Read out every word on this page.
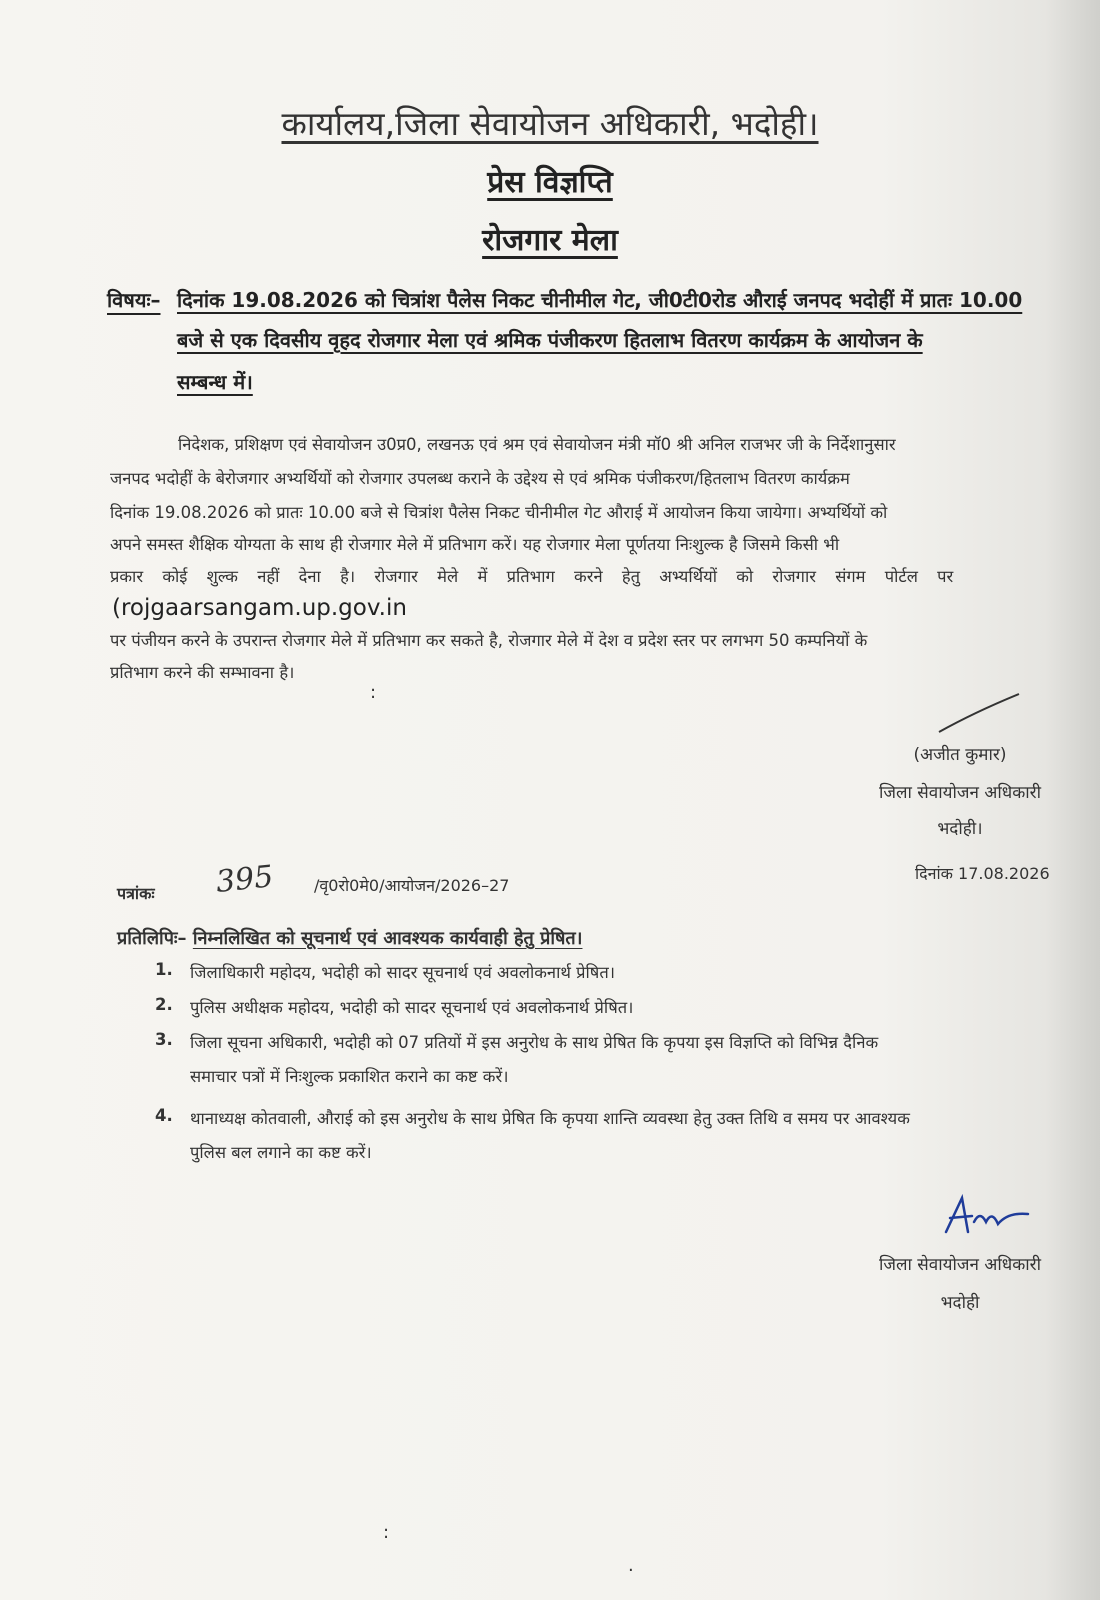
कार्यालय,जिला सेवायोजन अधिकारी, भदोही।
प्रेस विज्ञप्ति
रोजगार मेला
विषयः– दिनांक 19.08.2026 को चित्रांश पैलेस निकट चीनीमील गेट, जी0टी0रोड औराई जनपद भदोहीं में प्रातः 10.00
बजे से एक दिवसीय वृहद रोजगार मेला एवं श्रमिक पंजीकरण हितलाभ वितरण कार्यक्रम के आयोजन के
सम्बन्ध में।
निदेशक, प्रशिक्षण एवं सेवायोजन उ0प्र0, लखनऊ एवं श्रम एवं सेवायोजन मंत्री मॉ0 श्री अनिल राजभर जी के निर्देशानुसार
जनपद भदोहीं के बेरोजगार अभ्यर्थियों को रोजगार उपलब्ध कराने के उद्देश्य से एवं श्रमिक पंजीकरण/हितलाभ वितरण कार्यक्रम
दिनांक 19.08.2026 को प्रातः 10.00 बजे से चित्रांश पैलेस निकट चीनीमील गेट औराई में आयोजन किया जायेगा। अभ्यर्थियों को
अपने समस्त शैक्षिक योग्यता के साथ ही रोजगार मेले में प्रतिभाग करें। यह रोजगार मेला पूर्णतया निःशुल्क है जिसमे किसी भी
प्रकार कोई शुल्क नहीं देना है। रोजगार मेले में प्रतिभाग करने हेतु अभ्यर्थियों को रोजगार संगम पोर्टल पर
(rojgaarsangam.up.gov.in
पर पंजीयन करने के उपरान्त रोजगार मेले में प्रतिभाग कर सकते है, रोजगार मेले में देश व प्रदेश स्तर पर लगभग 50 कम्पनियों के
प्रतिभाग करने की सम्भावना है।
:
(अजीत कुमार)
जिला सेवायोजन अधिकारी
भदोही।
पत्रांकः 395 /वृ0रो0मे0/आयोजन/2026–27
दिनांक 17.08.2026
प्रतिलिपिः– निम्नलिखित को सूचनार्थ एवं आवश्यक कार्यवाही हेतु प्रेषित।
1. जिलाधिकारी महोदय, भदोही को सादर सूचनार्थ एवं अवलोकनार्थ प्रेषित।
2. पुलिस अधीक्षक महोदय, भदोही को सादर सूचनार्थ एवं अवलोकनार्थ प्रेषित।
3. जिला सूचना अधिकारी, भदोही को 07 प्रतियों में इस अनुरोध के साथ प्रेषित कि कृपया इस विज्ञप्ति को विभिन्न दैनिक
समाचार पत्रों में निःशुल्क प्रकाशित कराने का कष्ट करें।
4. थानाध्यक्ष कोतवाली, औराई को इस अनुरोध के साथ प्रेषित कि कृपया शान्ति व्यवस्था हेतु उक्त तिथि व समय पर आवश्यक
पुलिस बल लगाने का कष्ट करें।
जिला सेवायोजन अधिकारी
भदोही
:
.
